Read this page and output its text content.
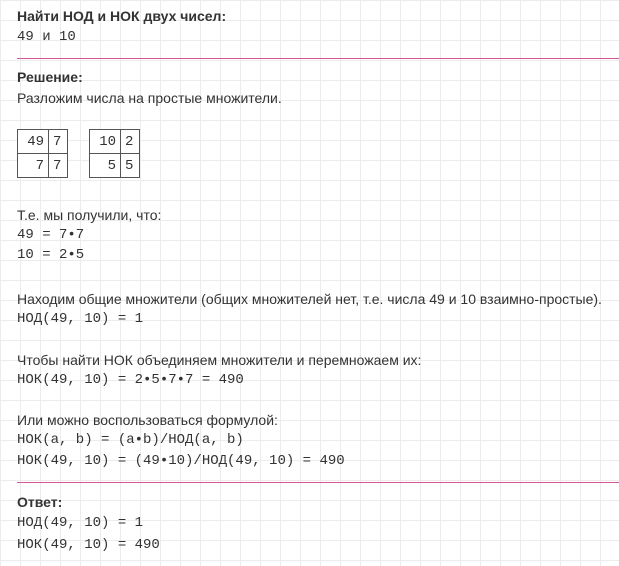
Найти НОД и НОК двух чисел:
49 и 10
Решение:
Разложим числа на простые множители.
49	7
7	7
10	2
5	5
Т.е. мы получили, что:
49 = 7•7
10 = 2•5
Находим общие множители (общих множителей нет, т.е. числа 49 и 10 взаимно-простые).
НОД(49, 10) = 1
Чтобы найти НОК объединяем множители и перемножаем их:
НОК(49, 10) = 2•5•7•7 = 490
Или можно воспользоваться формулой:
НОК(a, b) = (a•b)/НОД(a, b)
НОК(49, 10) = (49•10)/НОД(49, 10) = 490
Ответ:
НОД(49, 10) = 1
НОК(49, 10) = 490
